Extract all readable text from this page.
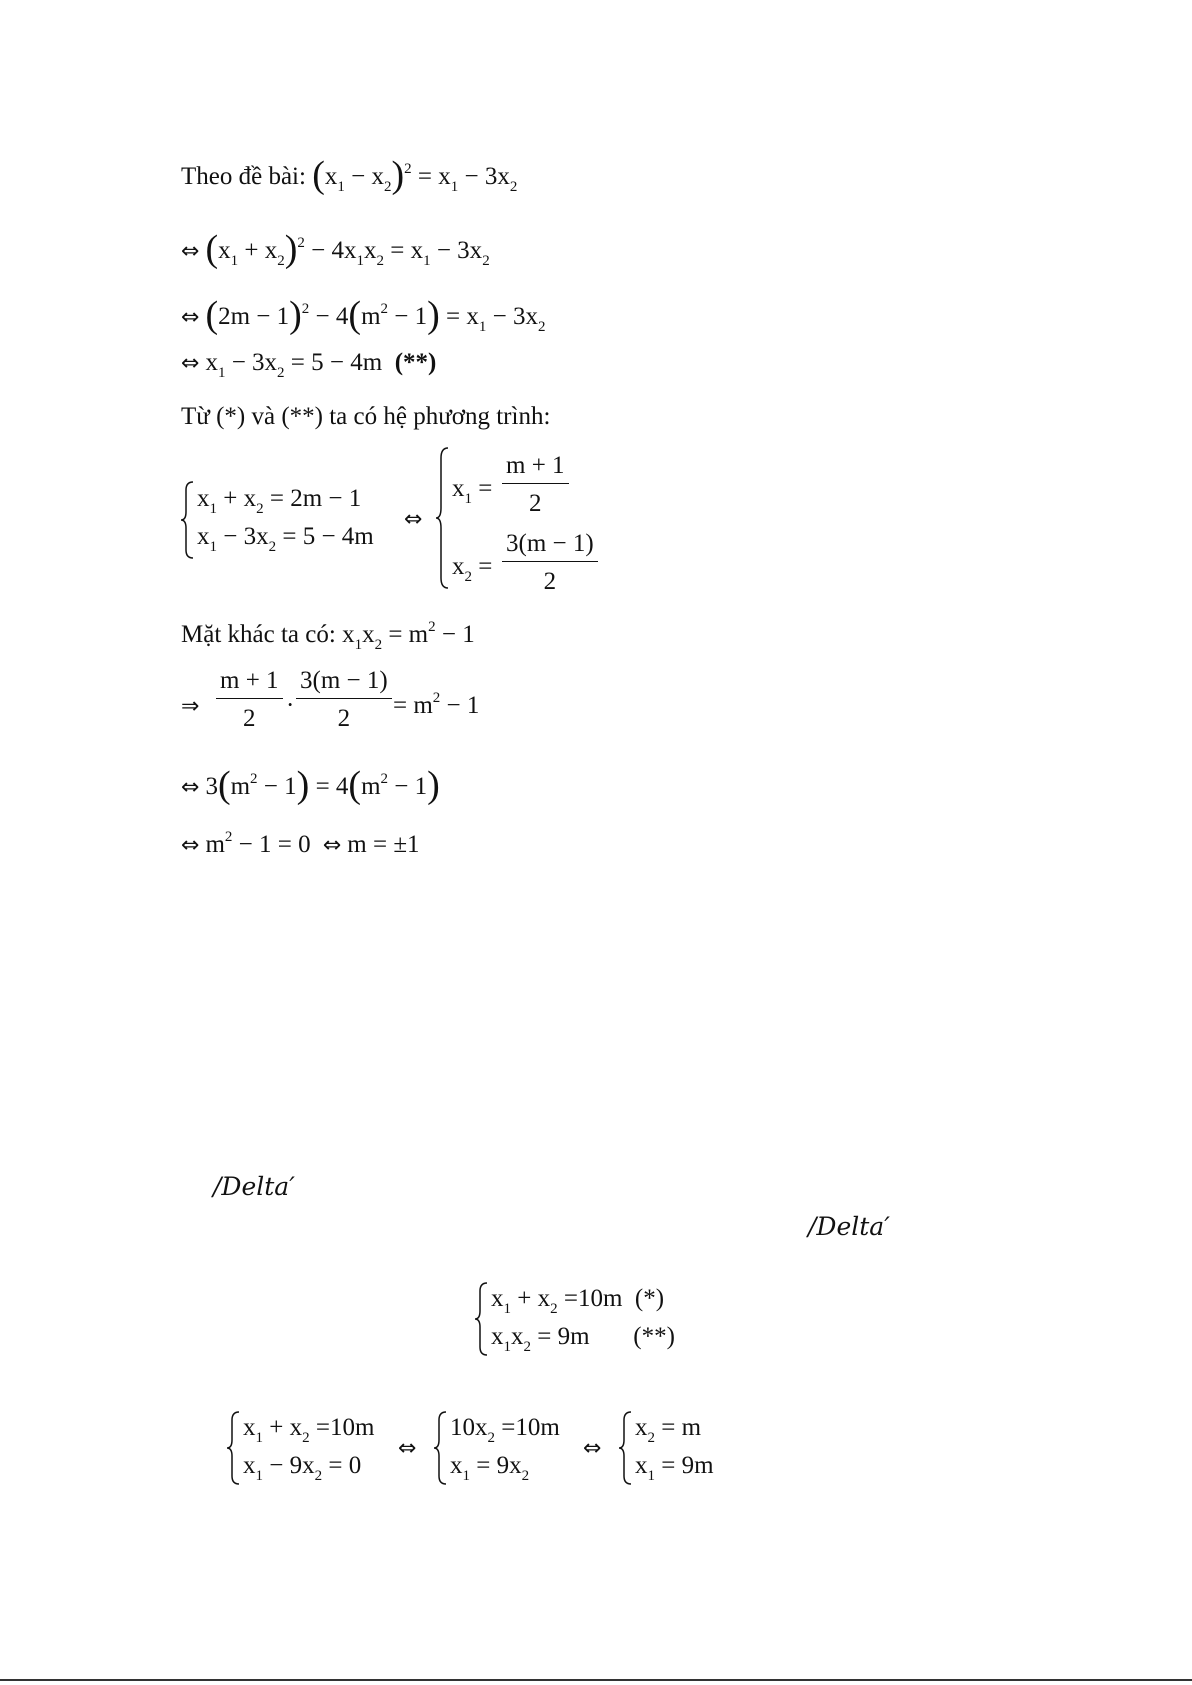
Theo đề bài: $(x_1 - x_2)^2 = x_1 - 3x_2$
⇔ $(x_1 + x_2)^2 - 4x_1x_2 = x_1 - 3x_2$
⇔ $(2m - 1)^2 - 4(m^2 - 1) = x_1 - 3x_2$
⇔ $x_1 - 3x_2 = 5 - 4m$  (**)
Từ (*) và (**) ta có hệ phương trình:
$x_1 + x_2 = 2m - 1$
$x_1 - 3x_2 = 5 - 4m$
⇔
$x_1 = \frac{m + 1}{2}$
$x_2 = \frac{3(m - 1)}{2}$
Mặt khác ta có: $x_1x_2 = m^2 - 1$
⇒ $\frac{m + 1}{2} \cdot \frac{3(m - 1)}{2} = m^2 - 1$
⇔ $3(m^2 - 1) = 4(m^2 - 1)$
⇔ $m^2 - 1 = 0$ ⇔ m = ±1
/Delta′
/Delta′
$x_1 + x_2 =10m$  (*)
$x_1x_2 = 9m$       (**)
$x_1 + x_2 =10m$
$x_1 - 9x_2 = 0$
⇔
$10x_2 =10m$
$x_1 = 9x_2$
⇔
$x_2 = m$
$x_1 = 9m$
